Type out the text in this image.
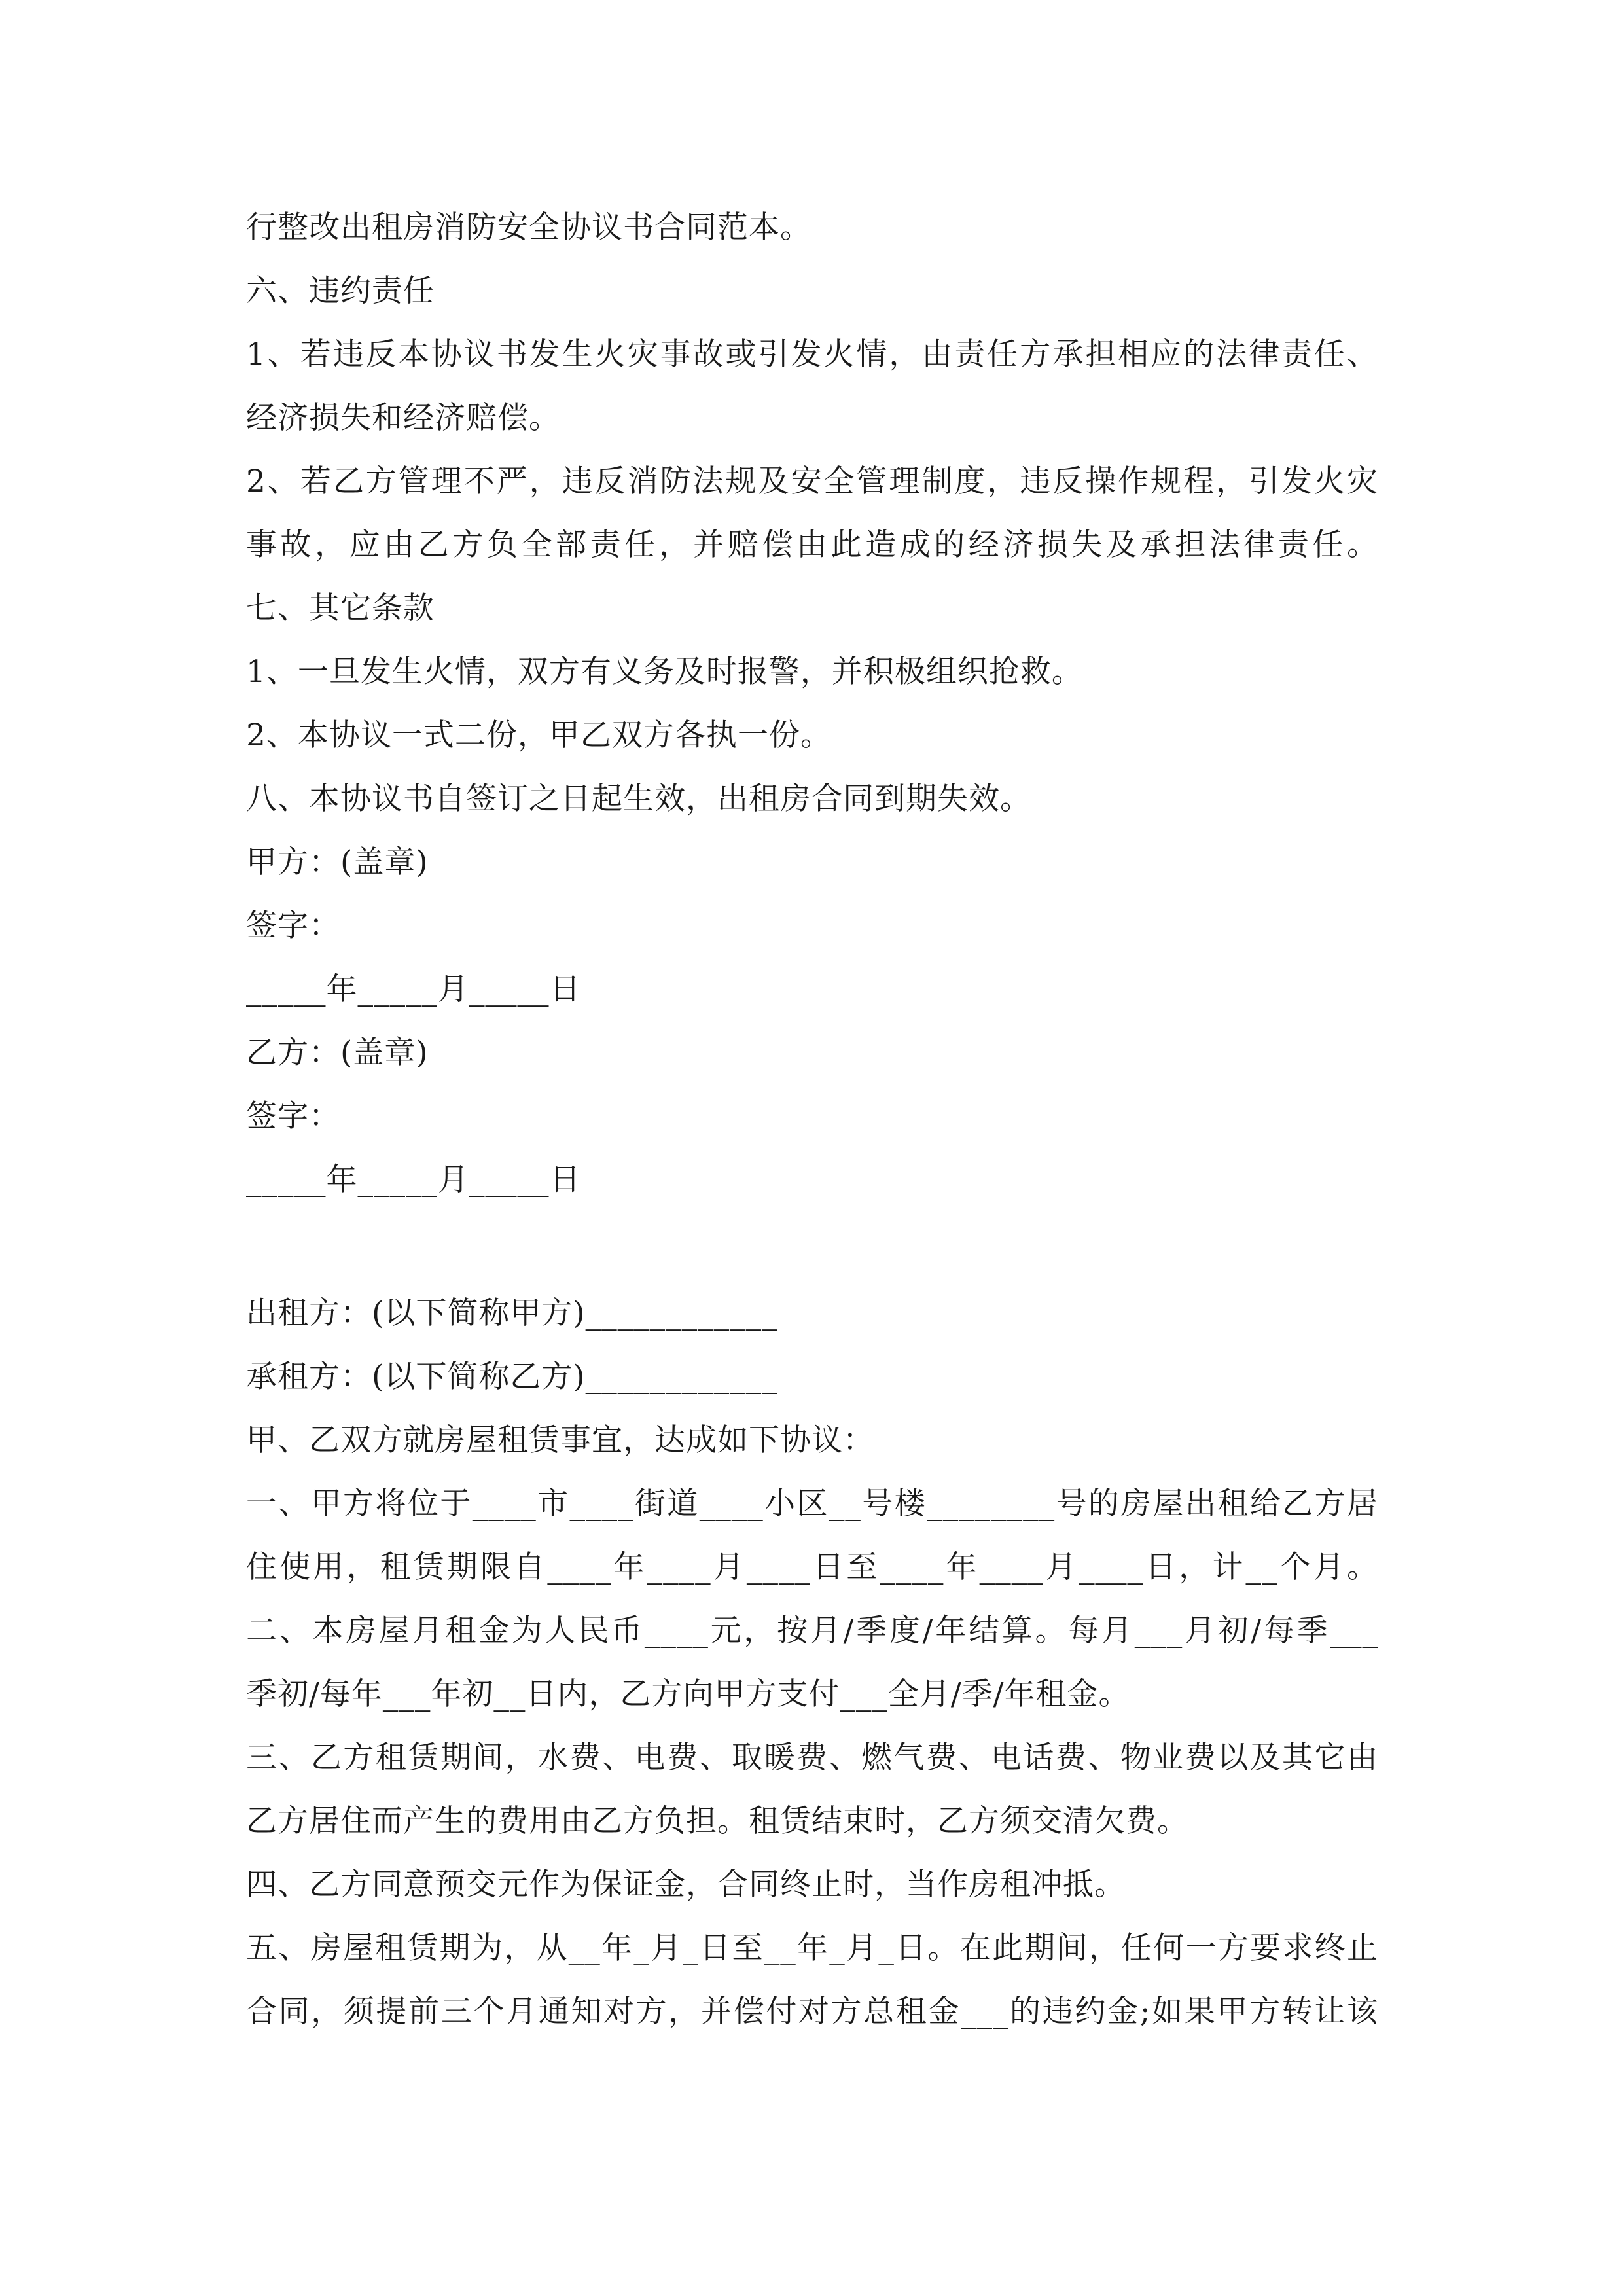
行整改出租房消防安全协议书合同范本。
六、违约责任
1、若违反本协议书发生火灾事故或引发火情，由责任方承担相应的法律责任、
经济损失和经济赔偿。
2、若乙方管理不严，违反消防法规及安全管理制度，违反操作规程，引发火灾
事故，应由乙方负全部责任，并赔偿由此造成的经济损失及承担法律责任。
七、其它条款
1、一旦发生火情，双方有义务及时报警，并积极组织抢救。
2、本协议一式二份，甲乙双方各执一份。
八、本协议书自签订之日起生效，出租房合同到期失效。
甲方：(盖章)
签字：
_____年_____月_____日
乙方：(盖章)
签字：
_____年_____月_____日
出租方：(以下简称甲方)____________
承租方：(以下简称乙方)____________
甲、乙双方就房屋租赁事宜，达成如下协议：
一、甲方将位于____市____街道____小区__号楼________号的房屋出租给乙方居
住使用，租赁期限自____年____月____日至____年____月____日，计__个月。
二、本房屋月租金为人民币____元，按月/季度/年结算。每月___月初/每季___
季初/每年___年初__日内，乙方向甲方支付___全月/季/年租金。
三、乙方租赁期间，水费、电费、取暖费、燃气费、电话费、物业费以及其它由
乙方居住而产生的费用由乙方负担。租赁结束时，乙方须交清欠费。
四、乙方同意预交元作为保证金，合同终止时，当作房租冲抵。
五、房屋租赁期为，从__年_月_日至__年_月_日。在此期间，任何一方要求终止
合同，须提前三个月通知对方，并偿付对方总租金___的违约金;如果甲方转让该
